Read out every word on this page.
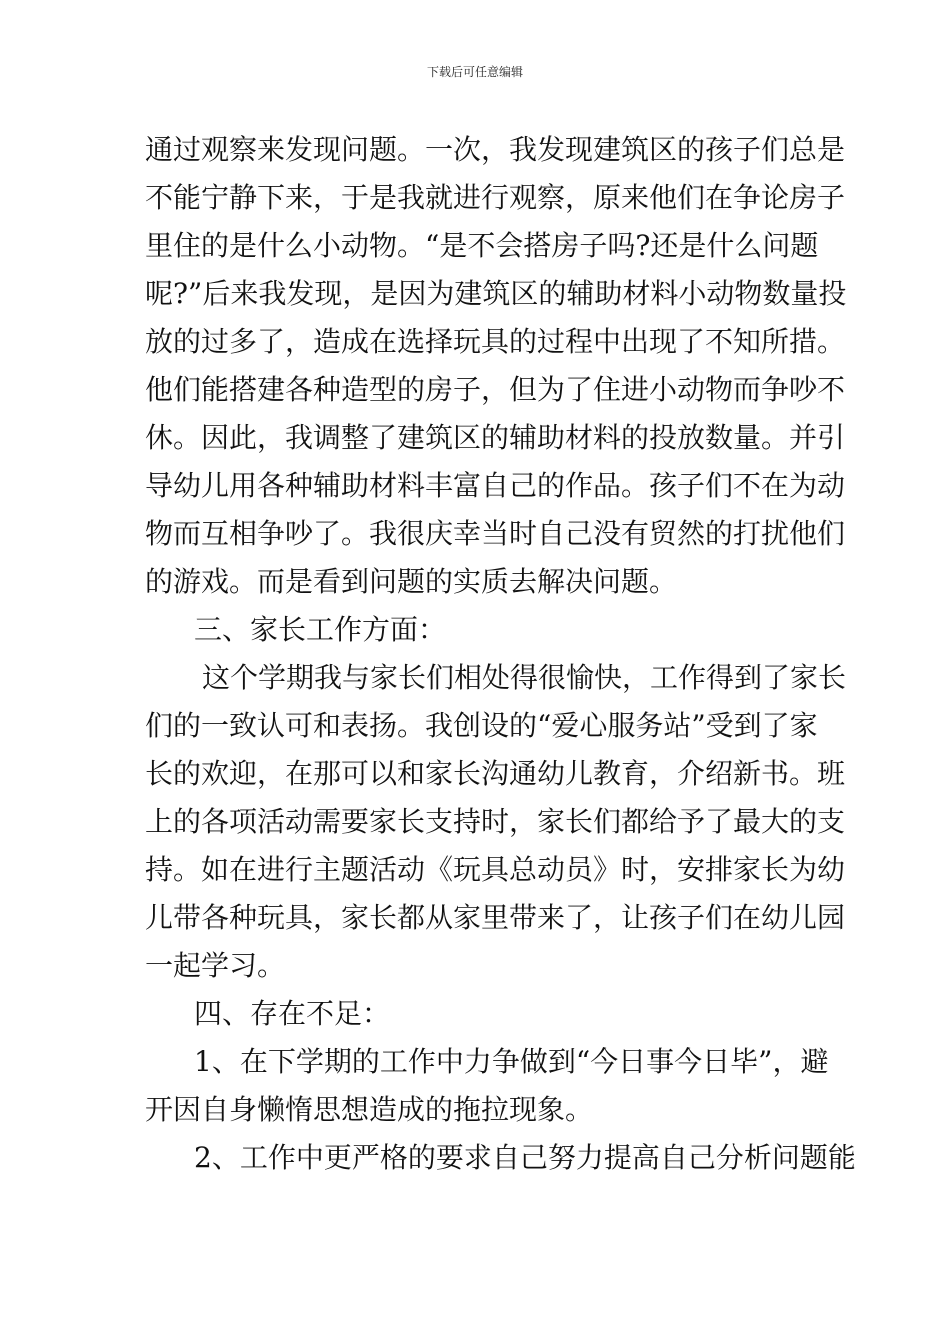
下载后可任意编辑
通过观察来发现问题。一次，我发现建筑区的孩子们总是
不能宁静下来，于是我就进行观察，原来他们在争论房子
里住的是什么小动物。“是不会搭房子吗?还是什么问题
呢?”后来我发现，是因为建筑区的辅助材料小动物数量投
放的过多了，造成在选择玩具的过程中出现了不知所措。
他们能搭建各种造型的房子，但为了住进小动物而争吵不
休。因此，我调整了建筑区的辅助材料的投放数量。并引
导幼儿用各种辅助材料丰富自己的作品。孩子们不在为动
物而互相争吵了。我很庆幸当时自己没有贸然的打扰他们
的游戏。而是看到问题的实质去解决问题。
三、家长工作方面：
这个学期我与家长们相处得很愉快，工作得到了家长
们的一致认可和表扬。我创设的“爱心服务站”受到了家
长的欢迎，在那可以和家长沟通幼儿教育，介绍新书。班
上的各项活动需要家长支持时，家长们都给予了最大的支
持。如在进行主题活动《玩具总动员》时，安排家长为幼
儿带各种玩具，家长都从家里带来了，让孩子们在幼儿园
一起学习。
四、存在不足：
1、在下学期的工作中力争做到“今日事今日毕”，避
开因自身懒惰思想造成的拖拉现象。
2、工作中更严格的要求自己努力提高自己分析问题能
